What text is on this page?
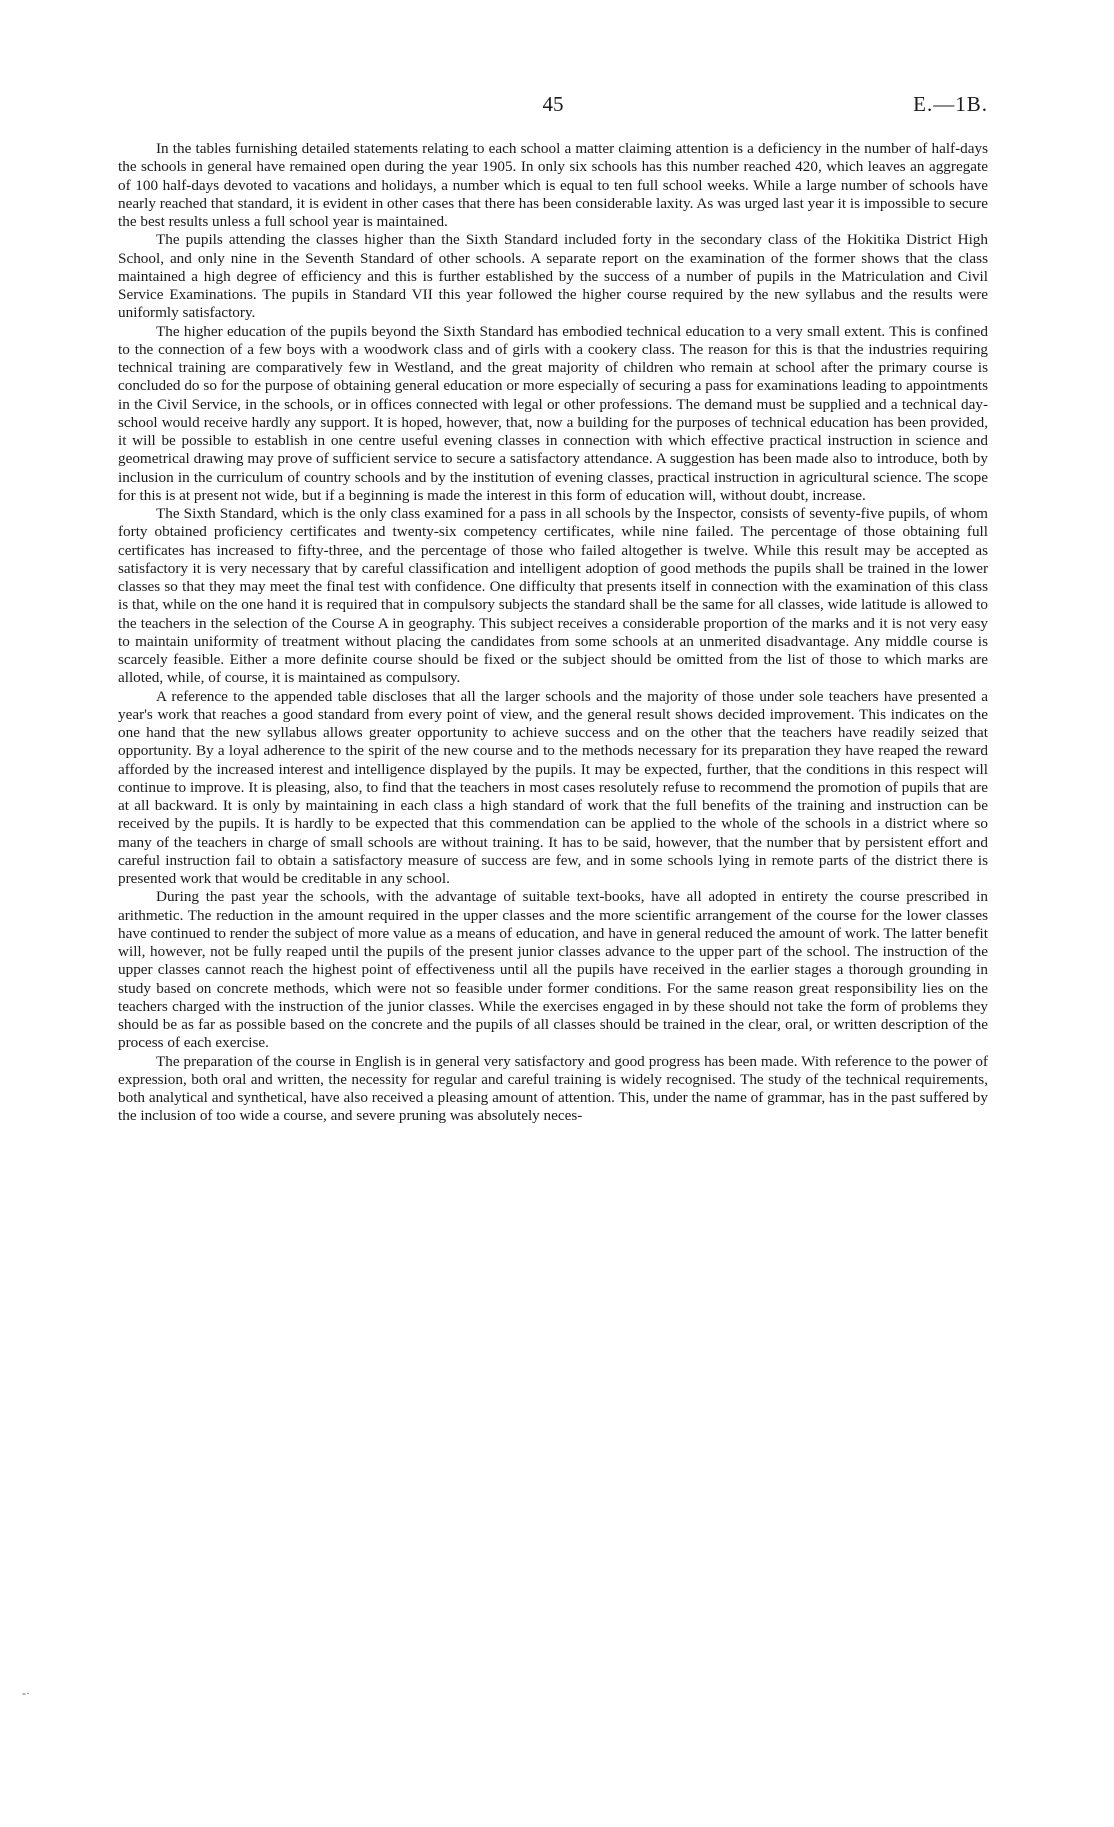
45	E.—1B.

In the tables furnishing detailed statements relating to each school a matter claiming attention is a deficiency in the number of half-days the schools in general have remained open during the year 1905. In only six schools has this number reached 420, which leaves an aggregate of 100 half-days devoted to vacations and holidays, a number which is equal to ten full school weeks. While a large number of schools have nearly reached that standard, it is evident in other cases that there has been considerable laxity. As was urged last year it is impossible to secure the best results unless a full school year is maintained.

The pupils attending the classes higher than the Sixth Standard included forty in the secondary class of the Hokitika District High School, and only nine in the Seventh Standard of other schools. A separate report on the examination of the former shows that the class maintained a high degree of efficiency and this is further established by the success of a number of pupils in the Matriculation and Civil Service Examinations. The pupils in Standard VII this year followed the higher course required by the new syllabus and the results were uniformly satisfactory.

The higher education of the pupils beyond the Sixth Standard has embodied technical education to a very small extent. This is confined to the connection of a few boys with a woodwork class and of girls with a cookery class. The reason for this is that the industries requiring technical training are comparatively few in Westland, and the great majority of children who remain at school after the primary course is concluded do so for the purpose of obtaining general education or more especially of securing a pass for examinations leading to appointments in the Civil Service, in the schools, or in offices connected with legal or other professions. The demand must be supplied and a technical day-school would receive hardly any support. It is hoped, however, that, now a building for the purposes of technical education has been provided, it will be possible to establish in one centre useful evening classes in connection with which effective practical instruction in science and geometrical drawing may prove of sufficient service to secure a satisfactory attendance. A suggestion has been made also to introduce, both by inclusion in the curriculum of country schools and by the institution of evening classes, practical instruction in agricultural science. The scope for this is at present not wide, but if a beginning is made the interest in this form of education will, without doubt, increase.

The Sixth Standard, which is the only class examined for a pass in all schools by the Inspector, consists of seventy-five pupils, of whom forty obtained proficiency certificates and twenty-six competency certificates, while nine failed. The percentage of those obtaining full certificates has increased to fifty-three, and the percentage of those who failed altogether is twelve. While this result may be accepted as satisfactory it is very necessary that by careful classification and intelligent adoption of good methods the pupils shall be trained in the lower classes so that they may meet the final test with confidence. One difficulty that presents itself in connection with the examination of this class is that, while on the one hand it is required that in compulsory subjects the standard shall be the same for all classes, wide latitude is allowed to the teachers in the selection of the Course A in geography. This subject receives a considerable proportion of the marks and it is not very easy to maintain uniformity of treatment without placing the candidates from some schools at an unmerited disadvantage. Any middle course is scarcely feasible. Either a more definite course should be fixed or the subject should be omitted from the list of those to which marks are alloted, while, of course, it is maintained as compulsory.

A reference to the appended table discloses that all the larger schools and the majority of those under sole teachers have presented a year's work that reaches a good standard from every point of view, and the general result shows decided improvement. This indicates on the one hand that the new syllabus allows greater opportunity to achieve success and on the other that the teachers have readily seized that opportunity. By a loyal adherence to the spirit of the new course and to the methods necessary for its preparation they have reaped the reward afforded by the increased interest and intelligence displayed by the pupils. It may be expected, further, that the conditions in this respect will continue to improve. It is pleasing, also, to find that the teachers in most cases resolutely refuse to recommend the promotion of pupils that are at all backward. It is only by maintaining in each class a high standard of work that the full benefits of the training and instruction can be received by the pupils. It is hardly to be expected that this commendation can be applied to the whole of the schools in a district where so many of the teachers in charge of small schools are without training. It has to be said, however, that the number that by persistent effort and careful instruction fail to obtain a satisfactory measure of success are few, and in some schools lying in remote parts of the district there is presented work that would be creditable in any school.

During the past year the schools, with the advantage of suitable text-books, have all adopted in entirety the course prescribed in arithmetic. The reduction in the amount required in the upper classes and the more scientific arrangement of the course for the lower classes have continued to render the subject of more value as a means of education, and have in general reduced the amount of work. The latter benefit will, however, not be fully reaped until the pupils of the present junior classes advance to the upper part of the school. The instruction of the upper classes cannot reach the highest point of effectiveness until all the pupils have received in the earlier stages a thorough grounding in study based on concrete methods, which were not so feasible under former conditions. For the same reason great responsibility lies on the teachers charged with the instruction of the junior classes. While the exercises engaged in by these should not take the form of problems they should be as far as possible based on the concrete and the pupils of all classes should be trained in the clear, oral, or written description of the process of each exercise.

The preparation of the course in English is in general very satisfactory and good progress has been made. With reference to the power of expression, both oral and written, the necessity for regular and careful training is widely recognised. The study of the technical requirements, both analytical and synthetical, have also received a pleasing amount of attention. This, under the name of grammar, has in the past suffered by the inclusion of too wide a course, and severe pruning was absolutely neces-

-·
